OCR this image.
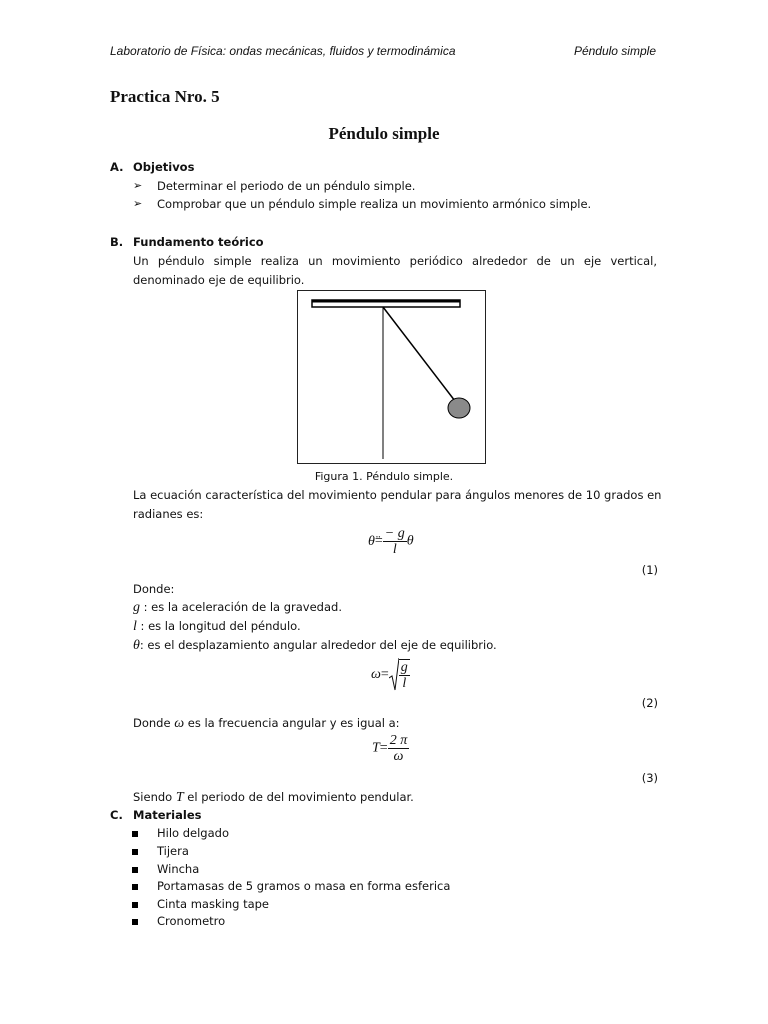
Laboratorio de Física: ondas mecánicas, fluidos y termodinámica	Péndulo simple
Practica Nro. 5
Péndulo simple
A. Objetivos
➢ Determinar el periodo de un péndulo simple.
➢ Comprobar que un péndulo simple realiza un movimiento armónico simple.
B. Fundamento teórico
Un péndulo simple realiza un movimiento periódico alrededor de un eje vertical,
denominado eje de equilibrio.
Figura 1. Péndulo simple.
La ecuación característica del movimiento pendular para ángulos menores de 10 grados en
radianes es:
θ̈= $\frac{- g}{l}$ θ
(1)
Donde:
g : es la aceleración de la gravedad.
l : es la longitud del péndulo.
θ: es el desplazamiento angular alrededor del eje de equilibrio.
$\omega= \frac{g}{l}$
(2)
Donde ω es la frecuencia angular y es igual a:
$T= \frac{2 \pi}{\omega}$
(3)
Siendo T el periodo de del movimiento pendular.
C. Materiales
Hilo delgado
Tijera
Wincha
Portamasas de 5 gramos o masa en forma esferica
Cinta masking tape
Cronometro
